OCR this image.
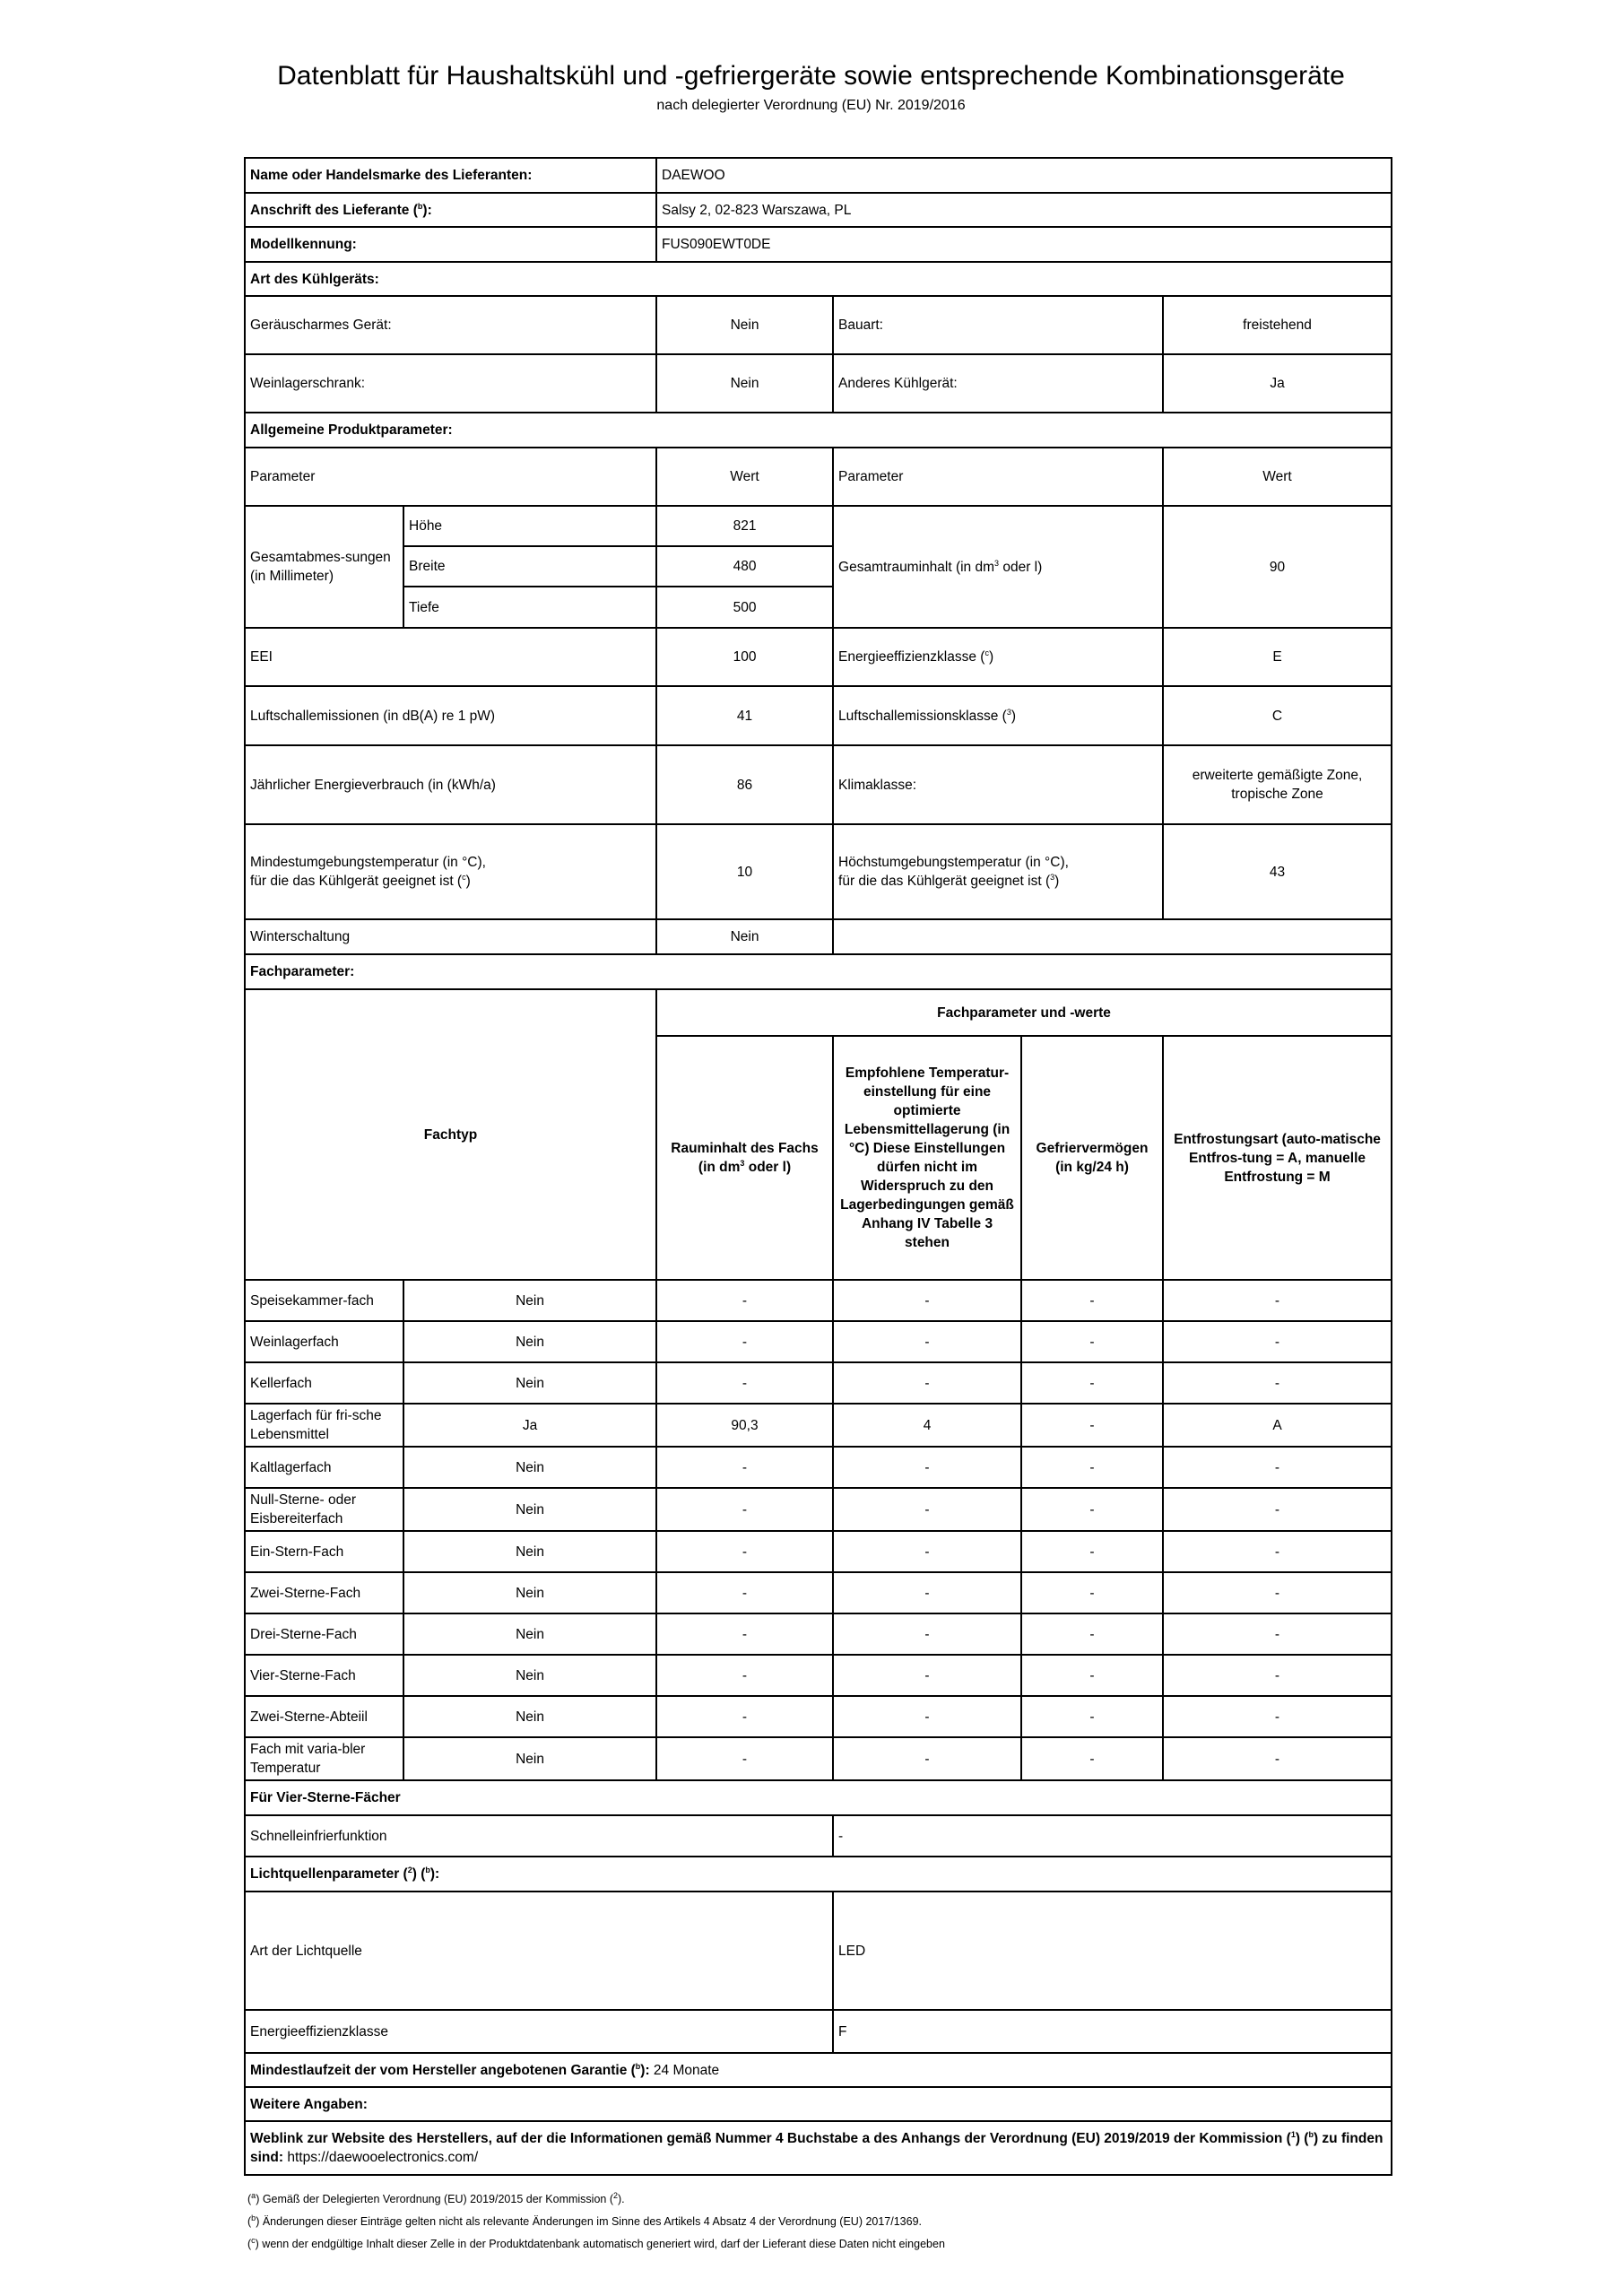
Datenblatt für Haushaltskühl und -gefriergeräte sowie entsprechende Kombinationsgeräte
nach delegierter Verordnung (EU) Nr. 2019/2016
Name oder Handelsmarke des Lieferanten:		DAEWOO			
Anschrift des Lieferante ($^b$):		Salsy 2, 02-823 Warszawa, PL			
Modellkennung:		FUS090EWT0DE			
Art des Kühlgeräts:					
Geräuscharmes Gerät:		Nein	Bauart:		freistehend
Weinlagerschrank:		Nein	Anderes Kühlgerät:		Ja
Allgemeine Produktparameter:					
Parameter		Wert	Parameter		Wert
Gesamtabmes-sungen (in Millimeter)	Höhe	821	Gesamtrauminhalt (in $dm^3$ oder l)		90
	Breite	480			
	Tiefe	500			
EEI		100	Energieeffizienzklasse ($^c$)		E
Luftschallemissionen (in dB(A) re 1 pW)		41	Luftschallemissionsklasse ($^3$)		C
Jährlicher Energieverbrauch (in (kWh/a)		86	Klimaklasse:		erweiterte gemäßigte Zone,
tropische Zone
Mindestumgebungstemperatur (in °C),
für die das Kühlgerät geeignet ist ($^c$)		10	Höchstumgebungstemperatur (in °C),
für die das Kühlgerät geeignet ist ($^3$)		43
Winterschaltung		Nein			
Fachparameter:					
Fachtyp		Fachparameter und -werte			
		Rauminhalt des Fachs (in $dm^3$ oder l)	Empfohlene Temperatur-einstellung für eine optimierte Lebensmittellagerung (in °C) Diese Einstellungen dürfen nicht im Widerspruch zu den Lagerbedingungen gemäß Anhang IV Tabelle 3 stehen	Gefriervermögen (in kg/24 h)	Entfrostungsart (auto-matische Entfros-tung = A, manuelle Entfrostung = M
Speisekammer-fach	Nein	-	-	-	-
Weinlagerfach	Nein	-	-	-	-
Kellerfach	Nein	-	-	-	-
Lagerfach für fri-sche Lebensmittel	Ja	90,3	4	-	A
Kaltlagerfach	Nein	-	-	-	-
Null-Sterne- oder Eisbereiterfach	Nein	-	-	-	-
Ein-Stern-Fach	Nein	-	-	-	-
Zwei-Sterne-Fach	Nein	-	-	-	-
Drei-Sterne-Fach	Nein	-	-	-	-
Vier-Sterne-Fach	Nein	-	-	-	-
Zwei-Sterne-Abteiil	Nein	-	-	-	-
Fach mit varia-bler Temperatur	Nein	-	-	-	-
Für Vier-Sterne-Fächer					
Schnelleinfrierfunktion			-		
Lichtquellenparameter ($^2$) ($^b$):					
Art der Lichtquelle			LED		
Energieeffizienzklasse			F		
Mindestlaufzeit der vom Hersteller angebotenen Garantie ($^b$): 24 Monate					
Weitere Angaben:					
Weblink zur Website des Herstellers, auf der die Informationen gemäß Nummer 4 Buchstabe a des Anhangs der Verordnung (EU) 2019/2019 der Kommission ($^1$) ($^b$) zu finden sind: https://daewooelectronics.com/					
($^a$) Gemäß der Delegierten Verordnung (EU) 2019/2015 der Kommission ($^2$).
($^b$) Änderungen dieser Einträge gelten nicht als relevante Änderungen im Sinne des Artikels 4 Absatz 4 der Verordnung (EU) 2017/1369.
($^c$) wenn der endgültige Inhalt dieser Zelle in der Produktdatenbank automatisch generiert wird, darf der Lieferant diese Daten nicht eingeben
